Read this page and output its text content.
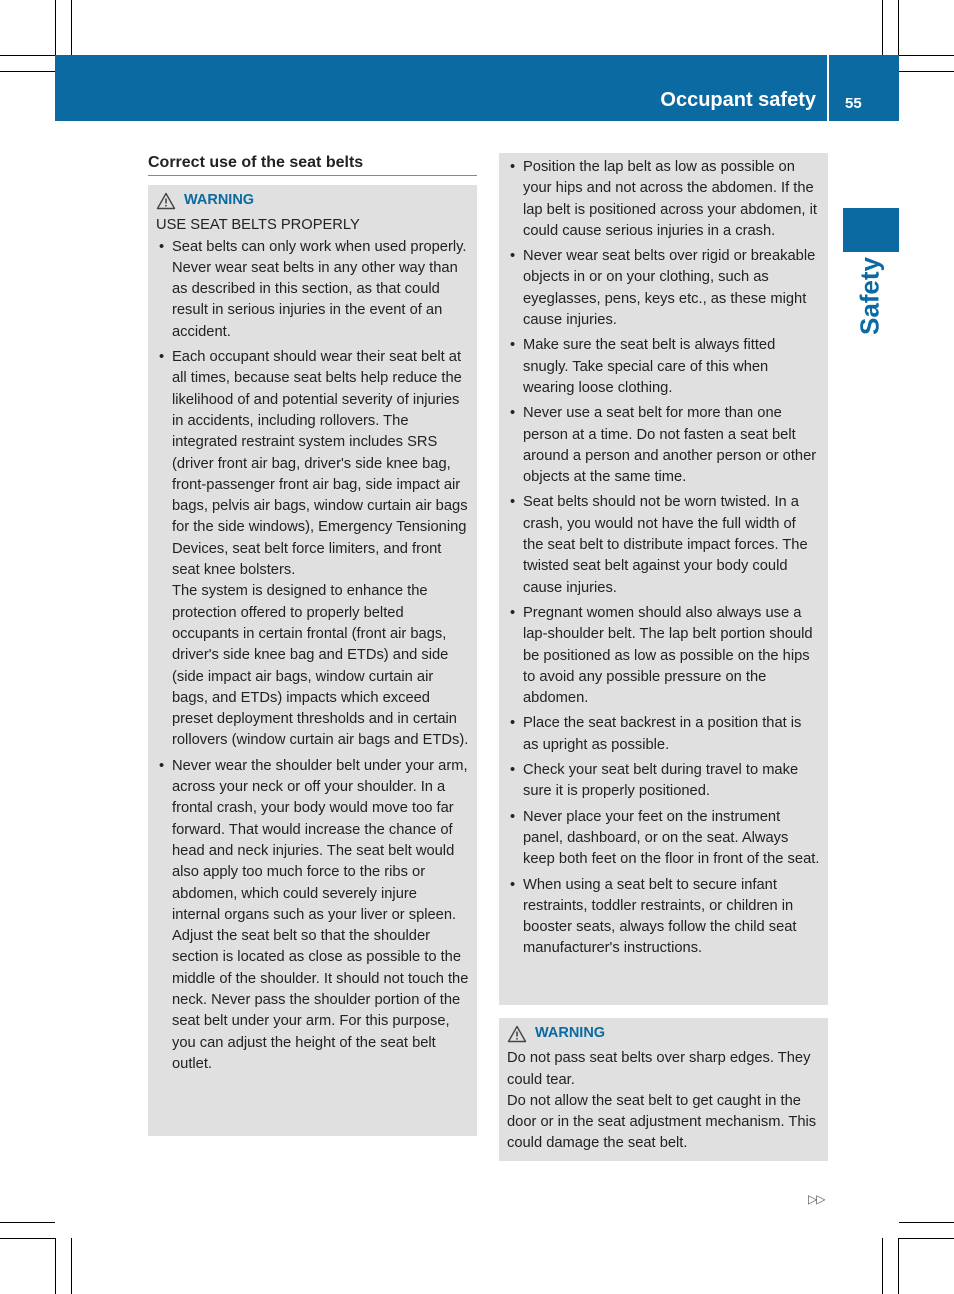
Occupant safety 55
Safety
Correct use of the seat belts
WARNING

USE SEAT BELTS PROPERLY

• Seat belts can only work when used properly. Never wear seat belts in any other way than as described in this section, as that could result in serious injuries in the event of an accident.
• Each occupant should wear their seat belt at all times, because seat belts help reduce the likelihood of and potential severity of injuries in accidents, including rollovers. The integrated restraint system includes SRS (driver front air bag, driver's side knee bag, front-passenger front air bag, side impact air bags, pelvis air bags, window curtain air bags for the side windows), Emergency Tensioning Devices, seat belt force limiters, and front seat knee bolsters.

The system is designed to enhance the protection offered to properly belted occupants in certain frontal (front air bags, driver's side knee bag and ETDs) and side (side impact air bags, window curtain air bags, and ETDs) impacts which exceed preset deployment thresholds and in certain rollovers (window curtain air bags and ETDs).

• Never wear the shoulder belt under your arm, across your neck or off your shoulder. In a frontal crash, your body would move too far forward. That would increase the chance of head and neck injuries. The seat belt would also apply too much force to the ribs or abdomen, which could severely injure internal organs such as your liver or spleen.

Adjust the seat belt so that the shoulder section is located as close as possible to the middle of the shoulder. It should not touch the neck. Never pass the shoulder portion of the seat belt under your arm. For this purpose, you can adjust the height of the seat belt outlet.

• Position the lap belt as low as possible on your hips and not across the abdomen. If the lap belt is positioned across your abdomen, it could cause serious injuries in a crash.
• Never wear seat belts over rigid or breakable objects in or on your clothing, such as eyeglasses, pens, keys etc., as these might cause injuries.
• Make sure the seat belt is always fitted snugly. Take special care of this when wearing loose clothing.
• Never use a seat belt for more than one person at a time. Do not fasten a seat belt around a person and another person or other objects at the same time.
• Seat belts should not be worn twisted. In a crash, you would not have the full width of the seat belt to distribute impact forces. The twisted seat belt against your body could cause injuries.
• Pregnant women should also always use a lap-shoulder belt. The lap belt portion should be positioned as low as possible on the hips to avoid any possible pressure on the abdomen.
• Place the seat backrest in a position that is as upright as possible.
• Check your seat belt during travel to make sure it is properly positioned.
• Never place your feet on the instrument panel, dashboard, or on the seat. Always keep both feet on the floor in front of the seat.
• When using a seat belt to secure infant restraints, toddler restraints, or children in booster seats, always follow the child seat manufacturer's instructions.
WARNING

Do not pass seat belts over sharp edges. They could tear.

Do not allow the seat belt to get caught in the door or in the seat adjustment mechanism. This could damage the seat belt.

▷▷
